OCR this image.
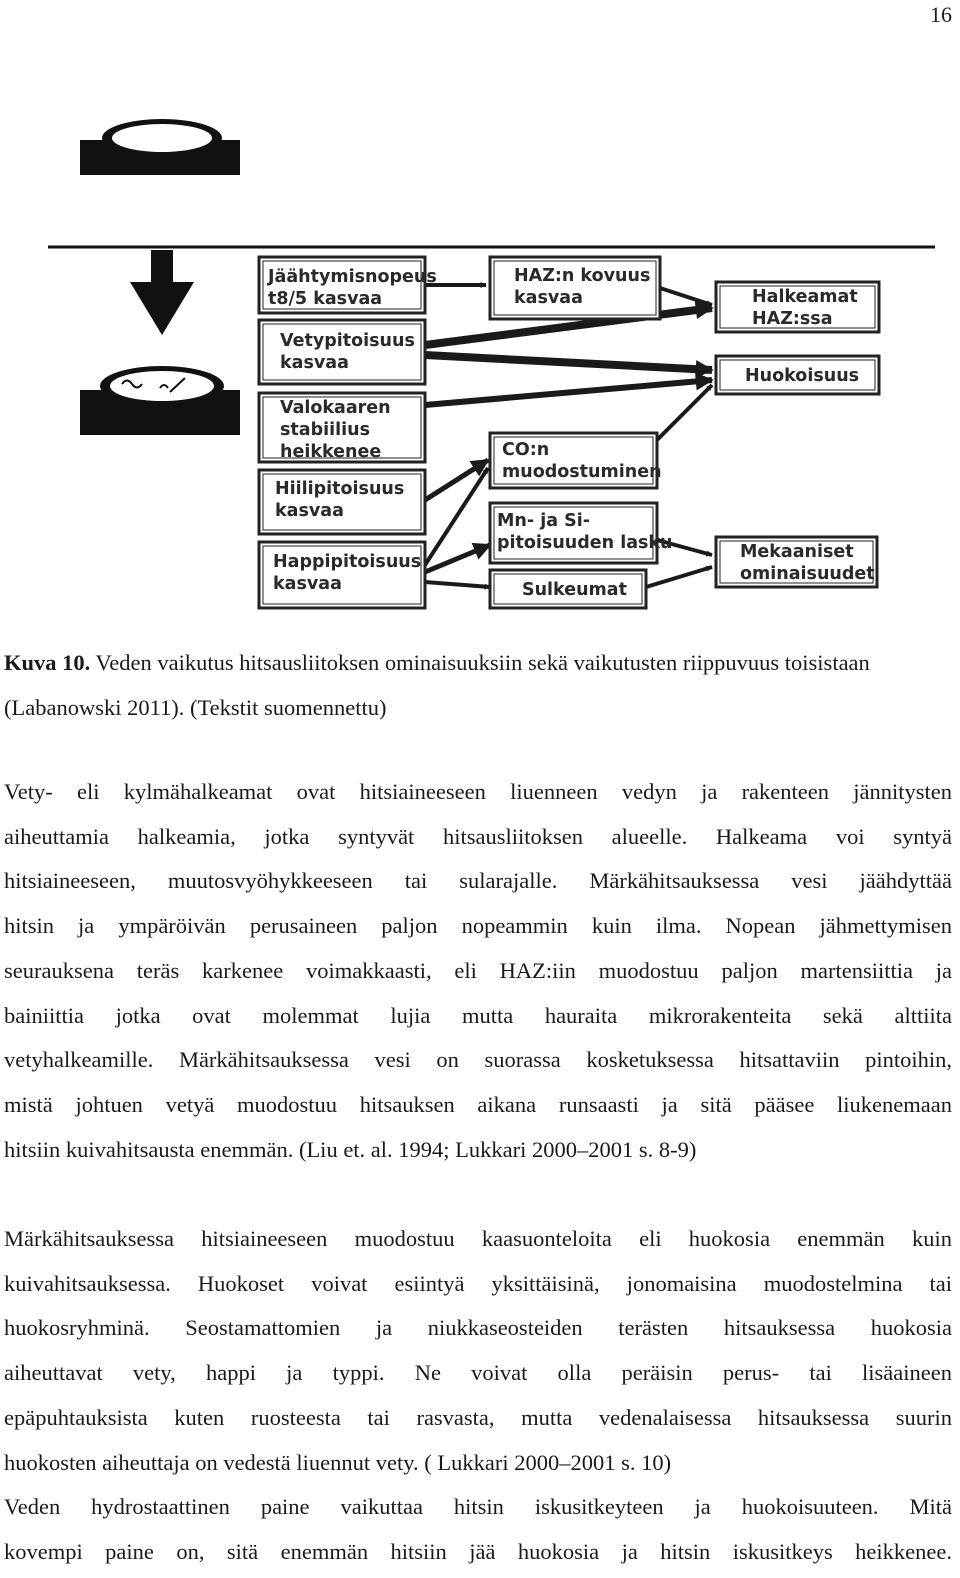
16
Jäähtymisnopeus
t8/5 kasvaa
Vetypitoisuus
kasvaa
Valokaaren
stabiilius
heikkenee
Hiilipitoisuus
kasvaa
Happipitoisuus
kasvaa
HAZ:n kovuus
kasvaa
CO:n
muodostuminen
Mn- ja Si-
pitoisuuden lasku
Sulkeumat
Halkeamat
HAZ:ssa
Huokoisuus
Mekaaniset
ominaisuudet
Kuva 10. Veden vaikutus hitsausliitoksen ominaisuuksiin sekä vaikutusten riippuvuus toisistaan (Labanowski 2011). (Tekstit suomennettu)
Vety- eli kylmähalkeamat ovat hitsiaineeseen liuenneen vedyn ja rakenteen jännitysten
aiheuttamia halkeamia, jotka syntyvät hitsausliitoksen alueelle. Halkeama voi syntyä
hitsiaineeseen, muutosvyöhykkeeseen tai sularajalle. Märkähitsauksessa vesi jäähdyttää
hitsin ja ympäröivän perusaineen paljon nopeammin kuin ilma. Nopean jähmettymisen
seurauksena teräs karkenee voimakkaasti, eli HAZ:iin muodostuu paljon martensiittia ja
bainiittia jotka ovat molemmat lujia mutta hauraita mikrorakenteita sekä alttiita
vetyhalkeamille. Märkähitsauksessa vesi on suorassa kosketuksessa hitsattaviin pintoihin,
mistä johtuen vetyä muodostuu hitsauksen aikana runsaasti ja sitä pääsee liukenemaan
hitsiin kuivahitsausta enemmän. (Liu et. al. 1994; Lukkari 2000–2001 s. 8-9)
Märkähitsauksessa hitsiaineeseen muodostuu kaasuonteloita eli huokosia enemmän kuin
kuivahitsauksessa. Huokoset voivat esiintyä yksittäisinä, jonomaisina muodostelmina tai
huokosryhminä. Seostamattomien ja niukkaseosteiden terästen hitsauksessa huokosia
aiheuttavat vety, happi ja typpi. Ne voivat olla peräisin perus- tai lisäaineen
epäpuhtauksista kuten ruosteesta tai rasvasta, mutta vedenalaisessa hitsauksessa suurin
huokosten aiheuttaja on vedestä liuennut vety. ( Lukkari 2000–2001 s. 10)
Veden hydrostaattinen paine vaikuttaa hitsin iskusitkeyteen ja huokoisuuteen. Mitä
kovempi paine on, sitä enemmän hitsiin jää huokosia ja hitsin iskusitkeys heikkenee.
